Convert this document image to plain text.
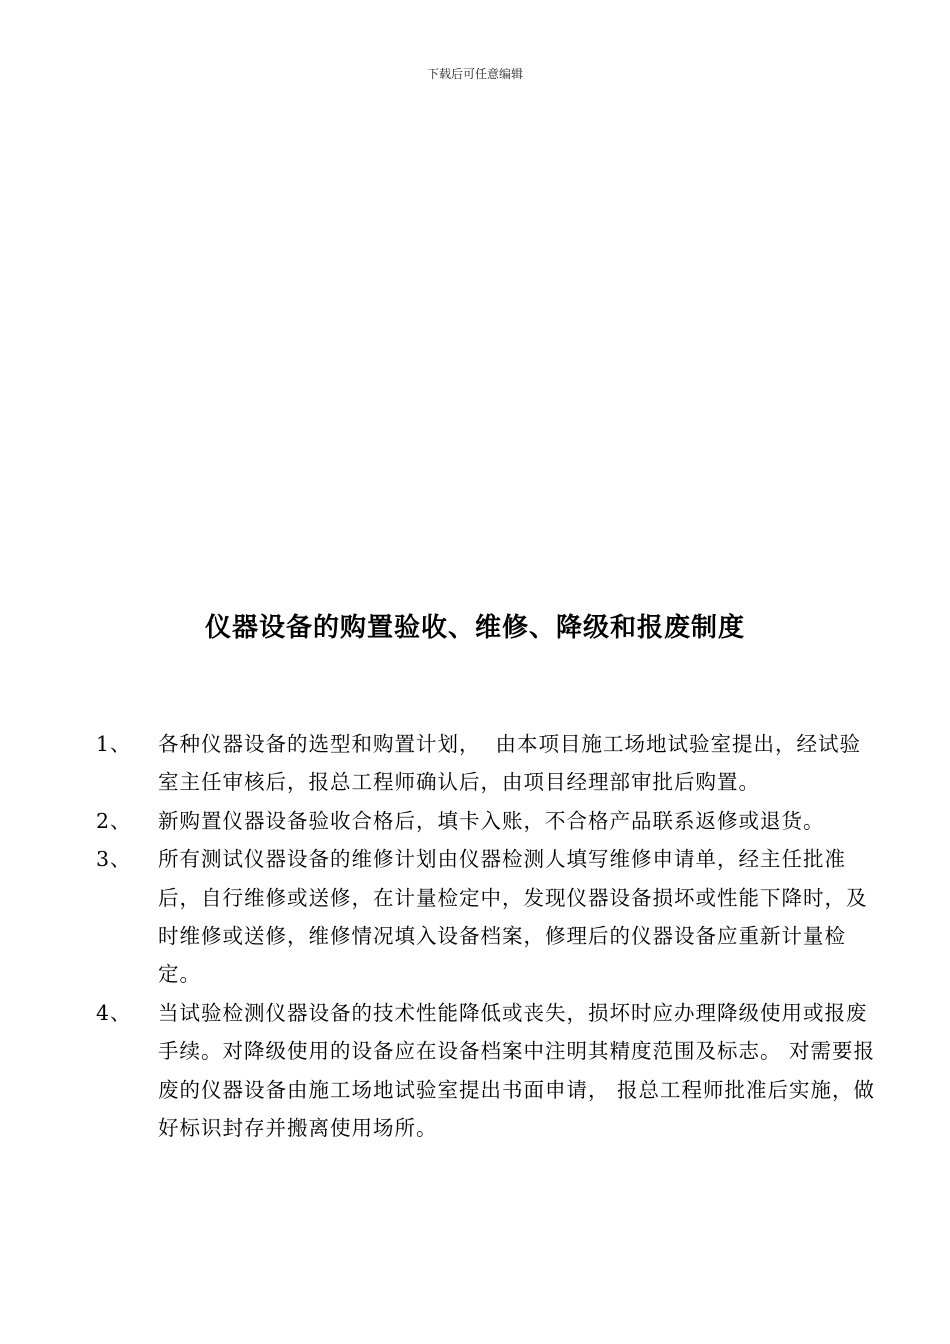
下载后可任意编辑
仪器设备的购置验收、维修、降级和报废制度
1、	各种仪器设备的选型和购置计划，  由本项目施工场地试验室提出，经试验室主任审核后，报总工程师确认后，由项目经理部审批后购置。
2、	新购置仪器设备验收合格后，填卡入账，不合格产品联系返修或退货。
3、	所有测试仪器设备的维修计划由仪器检测人填写维修申请单，经主任批准后，自行维修或送修，在计量检定中，发现仪器设备损坏或性能下降时，及时维修或送修，维修情况填入设备档案，修理后的仪器设备应重新计量检定。
4、	当试验检测仪器设备的技术性能降低或丧失，损坏时应办理降级使用或报废手续。对降级使用的设备应在设备档案中注明其精度范围及标志。 对需要报废的仪器设备由施工场地试验室提出书面申请， 报总工程师批准后实施，做好标识封存并搬离使用场所。
